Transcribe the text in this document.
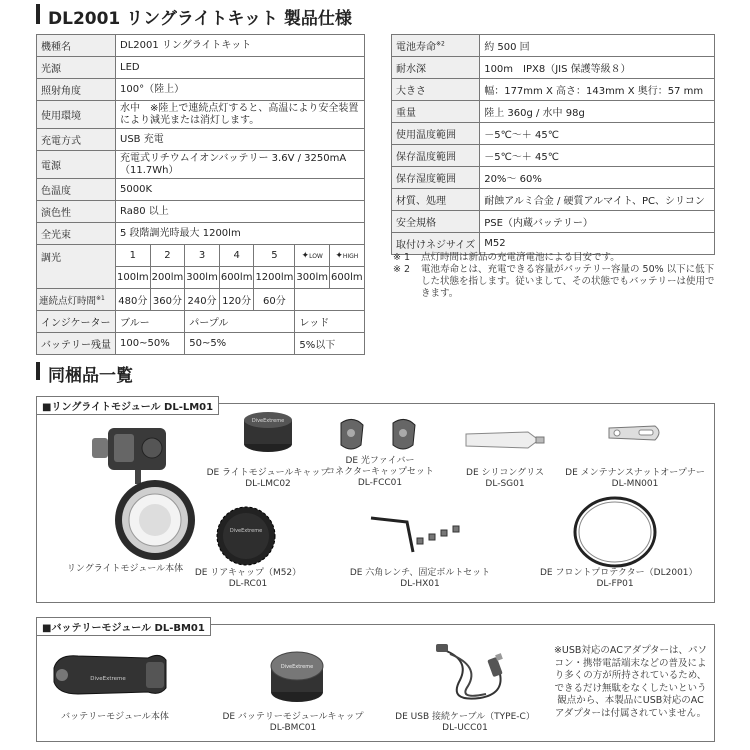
DL2001 リングライトキット 製品仕様
機種名	DL2001 リングライトキット						
光源	LED						
照射角度	100°（陸上）						
使用環境	水中　※陸上で連続点灯すると、高温により安全装置により減光または消灯します。						
充電方式	USB 充電						
電源	充電式リチウムイオンバッテリー 3.6V / 3250mA（11.7Wh）						
色温度	5000K						
演色性	Ra80 以上						
全光束	5 段階調光時最大 1200lm						
調光	1	2	3	4	5	✦LOW	✦HIGH
	100lm	200lm	300lm	600lm	1200lm	300lm	600lm
連続点灯時間$^{※1}$	480分	360分	240分	120分	60分		
インジケーター	ブルー		パープル			レッド	
バッテリー残量	100~50%		50~5%			5%以下	
電池寿命$^{※2}$	約 500 回
耐水深	100m　IPX8（JIS 保護等級８）
大きさ	幅：177mm X 高さ：143mm X 奥行：57 mm
重量	陸上 360g / 水中 98g
使用温度範囲	－5℃～＋ 45℃
保存温度範囲	－5℃～＋ 45℃
保存湿度範囲	20%～ 60%
材質、処理	耐蝕アルミ合金 / 硬質アルマイト、PC、シリコン
安全規格	PSE（内蔵バッテリー）
取付けネジサイズ	M52
※ 1	点灯時間は新品の充電済電池による目安です。
※ 2	電池寿命とは、充電できる容量がバッテリー容量の 50% 以下に低下した状態を指します。従いまして、その状態でもバッテリーは使用できます。
同梱品一覧
■リングライトモジュール DL-LM01
リングライトモジュール本体
DiveExtreme
DE ライトモジュールキャップ
DL-LMC02
DE 光ファイバー
コネクターキャップセット
DL-FCC01
DE シリコングリス
DL-SG01
DE メンテナンスナットオープナー
DL-MN001
DiveExtreme
DE リアキャップ（M52）
DL-RC01
DE 六角レンチ、固定ボルトセット
DL-HX01
DE フロントプロテクター（DL2001）
DL-FP01
■バッテリーモジュール DL-BM01
DiveExtreme
バッテリーモジュール本体
DiveExtreme
DE バッテリーモジュールキャップ
DL-BMC01
DE USB 接続ケーブル（TYPE-C）
DL-UCC01
※USB対応のACアダプターは、パソ
コン・携帯電話端末などの普及によ
り多くの方が所持されているため、
できるだけ無駄をなくしたいという
観点から、本製品にUSB対応のAC
アダプターは付属されていません。
